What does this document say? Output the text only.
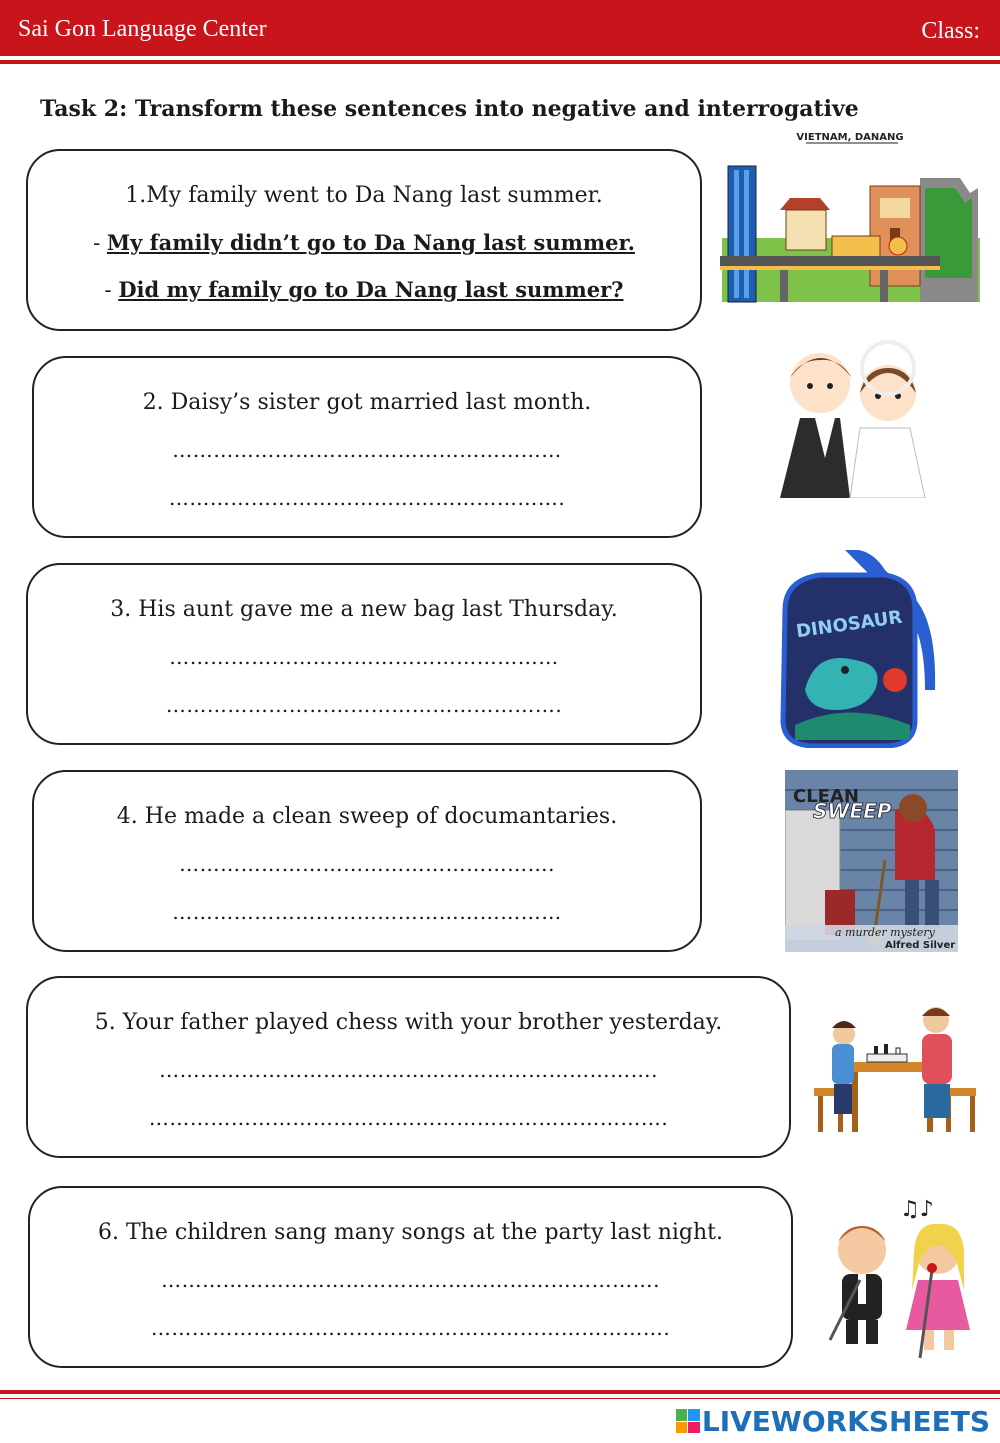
Sai Gon Language Center	Class:
Task 2: Transform these sentences into negative and interrogative
1.My family went to Da Nang last summer.
- My family didn’t go to Da Nang last summer.
- Did my family go to Da Nang last summer?
2. Daisy’s sister got married last month.
…………………………………………………
………………………………………………….
3. His aunt gave me a new bag last Thursday.
…………………………………………………
………………………………………………….
4. He made a clean sweep of documantaries.
……………………………………………….
…………………………………………………
5. Your father played chess with your brother yesterday.
……………………………………………………………….
………………………………………………………………….
6. The children sang many songs at the party last night.
……………………………………………………………….
………………………………………………………………….
VIETNAM, DANANG
DINOSAUR
CLEAN
SWEEP
a murder mystery
Alfred Silver
♫♪
LIVEWORKSHEETS
